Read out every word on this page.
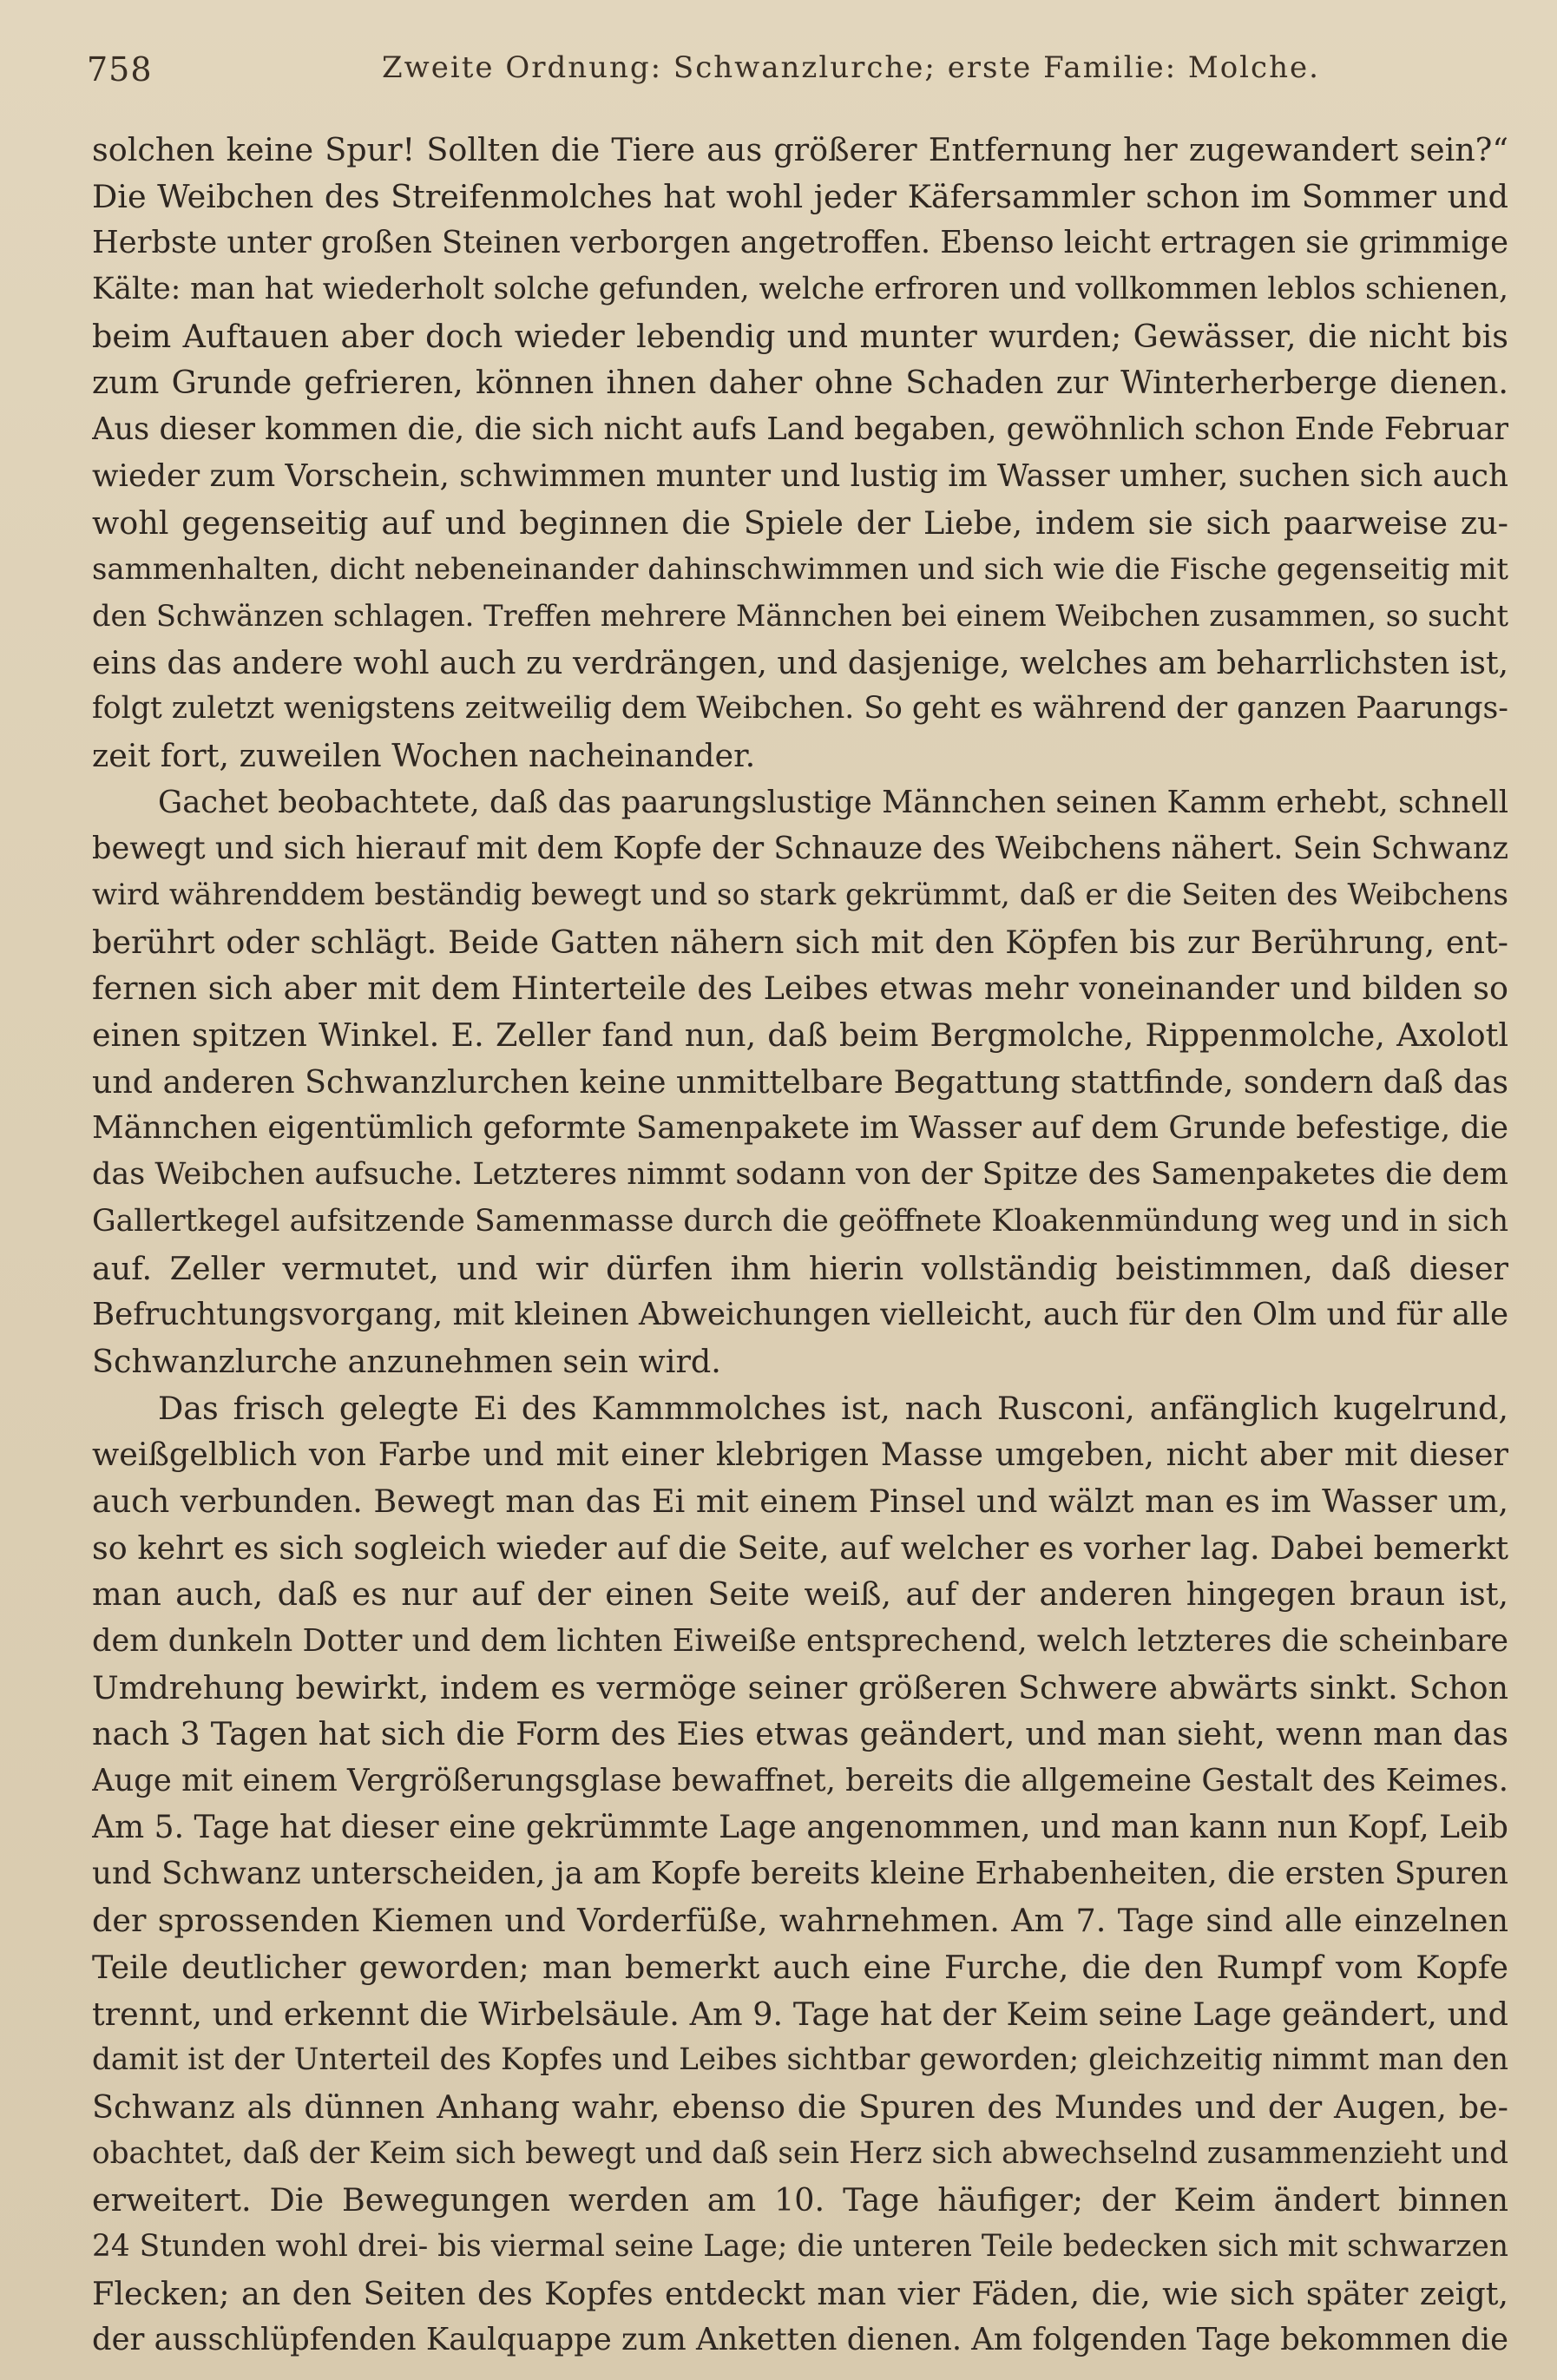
758	Zweite Ordnung: Schwanzlurche; erste Familie: Molche.
solchen keine Spur! Sollten die Tiere aus größerer Entfernung her zugewandert sein?“
Die Weibchen des Streifenmolches hat wohl jeder Käfersammler schon im Sommer und
Herbste unter großen Steinen verborgen angetroffen. Ebenso leicht ertragen sie grimmige
Kälte: man hat wiederholt solche gefunden, welche erfroren und vollkommen leblos schienen,
beim Auftauen aber doch wieder lebendig und munter wurden; Gewässer, die nicht bis
zum Grunde gefrieren, können ihnen daher ohne Schaden zur Winterherberge dienen.
Aus dieser kommen die, die sich nicht aufs Land begaben, gewöhnlich schon Ende Februar
wieder zum Vorschein, schwimmen munter und lustig im Wasser umher, suchen sich auch
wohl gegenseitig auf und beginnen die Spiele der Liebe, indem sie sich paarweise zu-
sammenhalten, dicht nebeneinander dahinschwimmen und sich wie die Fische gegenseitig mit
den Schwänzen schlagen. Treffen mehrere Männchen bei einem Weibchen zusammen, so sucht
eins das andere wohl auch zu verdrängen, und dasjenige, welches am beharrlichsten ist,
folgt zuletzt wenigstens zeitweilig dem Weibchen. So geht es während der ganzen Paarungs-
zeit fort, zuweilen Wochen nacheinander.
Gachet beobachtete, daß das paarungslustige Männchen seinen Kamm erhebt, schnell
bewegt und sich hierauf mit dem Kopfe der Schnauze des Weibchens nähert. Sein Schwanz
wird währenddem beständig bewegt und so stark gekrümmt, daß er die Seiten des Weibchens
berührt oder schlägt. Beide Gatten nähern sich mit den Köpfen bis zur Berührung, ent-
fernen sich aber mit dem Hinterteile des Leibes etwas mehr voneinander und bilden so
einen spitzen Winkel. E. Zeller fand nun, daß beim Bergmolche, Rippenmolche, Axolotl
und anderen Schwanzlurchen keine unmittelbare Begattung stattfinde, sondern daß das
Männchen eigentümlich geformte Samenpakete im Wasser auf dem Grunde befestige, die
das Weibchen aufsuche. Letzteres nimmt sodann von der Spitze des Samenpaketes die dem
Gallertkegel aufsitzende Samenmasse durch die geöffnete Kloakenmündung weg und in sich
auf. Zeller vermutet, und wir dürfen ihm hierin vollständig beistimmen, daß dieser
Befruchtungsvorgang, mit kleinen Abweichungen vielleicht, auch für den Olm und für alle
Schwanzlurche anzunehmen sein wird.
Das frisch gelegte Ei des Kammmolches ist, nach Rusconi, anfänglich kugelrund,
weißgelblich von Farbe und mit einer klebrigen Masse umgeben, nicht aber mit dieser
auch verbunden. Bewegt man das Ei mit einem Pinsel und wälzt man es im Wasser um,
so kehrt es sich sogleich wieder auf die Seite, auf welcher es vorher lag. Dabei bemerkt
man auch, daß es nur auf der einen Seite weiß, auf der anderen hingegen braun ist,
dem dunkeln Dotter und dem lichten Eiweiße entsprechend, welch letzteres die scheinbare
Umdrehung bewirkt, indem es vermöge seiner größeren Schwere abwärts sinkt. Schon
nach 3 Tagen hat sich die Form des Eies etwas geändert, und man sieht, wenn man das
Auge mit einem Vergrößerungsglase bewaffnet, bereits die allgemeine Gestalt des Keimes.
Am 5. Tage hat dieser eine gekrümmte Lage angenommen, und man kann nun Kopf, Leib
und Schwanz unterscheiden, ja am Kopfe bereits kleine Erhabenheiten, die ersten Spuren
der sprossenden Kiemen und Vorderfüße, wahrnehmen. Am 7. Tage sind alle einzelnen
Teile deutlicher geworden; man bemerkt auch eine Furche, die den Rumpf vom Kopfe
trennt, und erkennt die Wirbelsäule. Am 9. Tage hat der Keim seine Lage geändert, und
damit ist der Unterteil des Kopfes und Leibes sichtbar geworden; gleichzeitig nimmt man den
Schwanz als dünnen Anhang wahr, ebenso die Spuren des Mundes und der Augen, be-
obachtet, daß der Keim sich bewegt und daß sein Herz sich abwechselnd zusammenzieht und
erweitert. Die Bewegungen werden am 10. Tage häufiger; der Keim ändert binnen
24 Stunden wohl drei- bis viermal seine Lage; die unteren Teile bedecken sich mit schwarzen
Flecken; an den Seiten des Kopfes entdeckt man vier Fäden, die, wie sich später zeigt,
der ausschlüpfenden Kaulquappe zum Anketten dienen. Am folgenden Tage bekommen die
